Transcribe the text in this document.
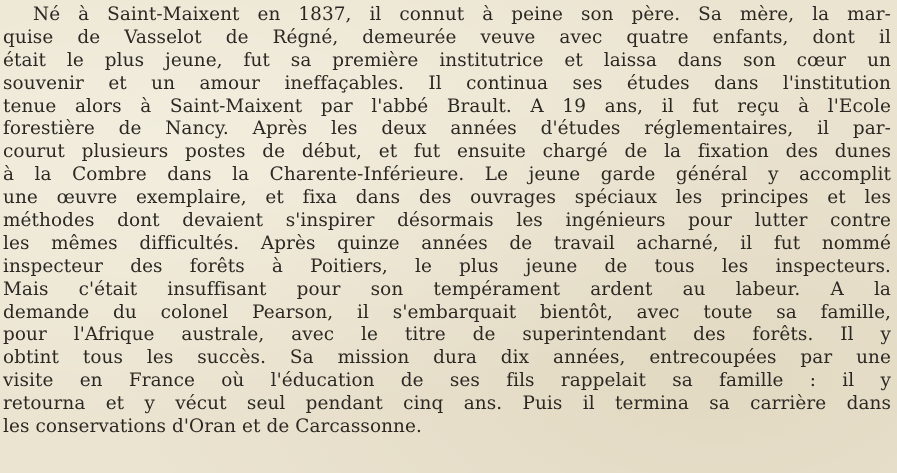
Né à Saint-Maixent en 1837, il connut à peine son père. Sa mère, la mar-
quise de Vasselot de Régné, demeurée veuve avec quatre enfants, dont il
était le plus jeune, fut sa première institutrice et laissa dans son cœur un
souvenir et un amour ineffaçables. Il continua ses études dans l'institution
tenue alors à Saint-Maixent par l'abbé Brault. A 19 ans, il fut reçu à l'Ecole
forestière de Nancy. Après les deux années d'études réglementaires, il par-
courut plusieurs postes de début, et fut ensuite chargé de la fixation des dunes
à la Combre dans la Charente-Inférieure. Le jeune garde général y accomplit
une œuvre exemplaire, et fixa dans des ouvrages spéciaux les principes et les
méthodes dont devaient s'inspirer désormais les ingénieurs pour lutter contre
les mêmes difficultés. Après quinze années de travail acharné, il fut nommé
inspecteur des forêts à Poitiers, le plus jeune de tous les inspecteurs.
Mais c'était insuffisant pour son tempérament ardent au labeur. A la
demande du colonel Pearson, il s'embarquait bientôt, avec toute sa famille,
pour l'Afrique australe, avec le titre de superintendant des forêts. Il y
obtint tous les succès. Sa mission dura dix années, entrecoupées par une
visite en France où l'éducation de ses fils rappelait sa famille : il y
retourna et y vécut seul pendant cinq ans. Puis il termina sa carrière dans
les conservations d'Oran et de Carcassonne.
